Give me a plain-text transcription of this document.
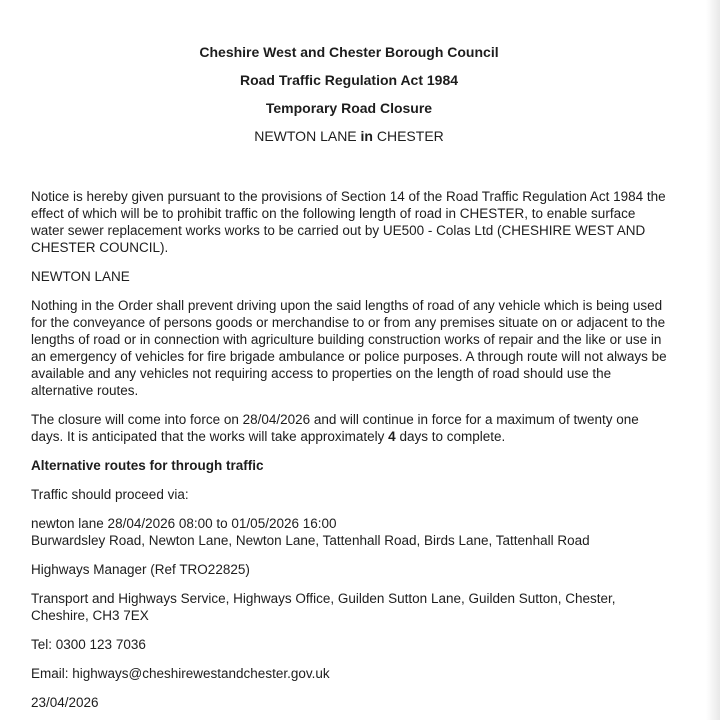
Cheshire West and Chester Borough Council
Road Traffic Regulation Act 1984
Temporary Road Closure
NEWTON LANE in CHESTER

Notice is hereby given pursuant to the provisions of Section 14 of the Road Traffic Regulation Act 1984 the effect of which will be to prohibit traffic on the following length of road in CHESTER, to enable surface water sewer replacement works works to be carried out by UE500 - Colas Ltd (CHESHIRE WEST AND CHESTER COUNCIL).

NEWTON LANE

Nothing in the Order shall prevent driving upon the said lengths of road of any vehicle which is being used for the conveyance of persons goods or merchandise to or from any premises situate on or adjacent to the lengths of road or in connection with agriculture building construction works of repair and the like or use in an emergency of vehicles for fire brigade ambulance or police purposes. A through route will not always be available and any vehicles not requiring access to properties on the length of road should use the alternative routes.

The closure will come into force on 28/04/2026 and will continue in force for a maximum of twenty one days. It is anticipated that the works will take approximately 4 days to complete.

Alternative routes for through traffic

Traffic should proceed via:

newton lane 28/04/2026 08:00 to 01/05/2026 16:00
Burwardsley Road, Newton Lane, Newton Lane, Tattenhall Road, Birds Lane, Tattenhall Road

Highways Manager (Ref TRO22825)

Transport and Highways Service, Highways Office, Guilden Sutton Lane, Guilden Sutton, Chester, Cheshire, CH3 7EX

Tel: 0300 123 7036

Email: highways@cheshirewestandchester.gov.uk

23/04/2026
